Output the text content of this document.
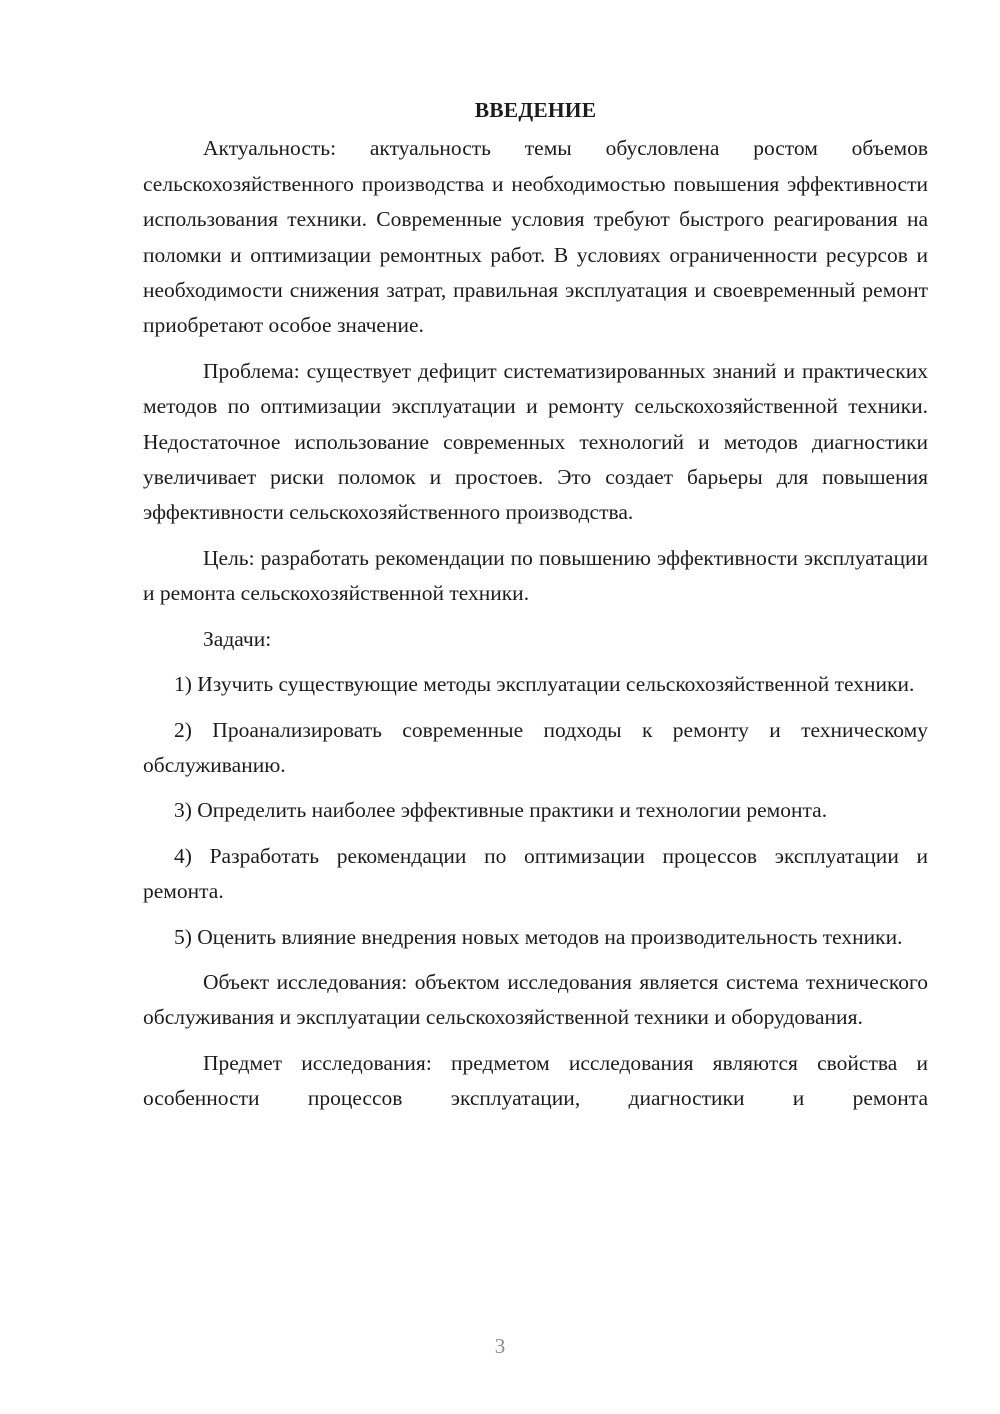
ВВЕДЕНИЕ

Актуальность: актуальность темы обусловлена ростом объемов сельскохозяйственного производства и необходимостью повышения эффективности использования техники. Современные условия требуют быстрого реагирования на поломки и оптимизации ремонтных работ. В условиях ограниченности ресурсов и необходимости снижения затрат, правильная эксплуатация и своевременный ремонт приобретают особое значение.

Проблема: существует дефицит систематизированных знаний и практических методов по оптимизации эксплуатации и ремонту сельскохозяйственной техники. Недостаточное использование современных технологий и методов диагностики увеличивает риски поломок и простоев. Это создает барьеры для повышения эффективности сельскохозяйственного производства.

Цель: разработать рекомендации по повышению эффективности эксплуатации и ремонта сельскохозяйственной техники.

Задачи:

1) Изучить существующие методы эксплуатации сельскохозяйственной техники.

2) Проанализировать современные подходы к ремонту и техническому обслуживанию.

3) Определить наиболее эффективные практики и технологии ремонта.

4) Разработать рекомендации по оптимизации процессов эксплуатации и ремонта.

5) Оценить влияние внедрения новых методов на производительность техники.

Объект исследования: объектом исследования является система технического обслуживания и эксплуатации сельскохозяйственной техники и оборудования.

Предмет исследования: предметом исследования являются свойства и особенности процессов эксплуатации, диагностики и ремонта

3
